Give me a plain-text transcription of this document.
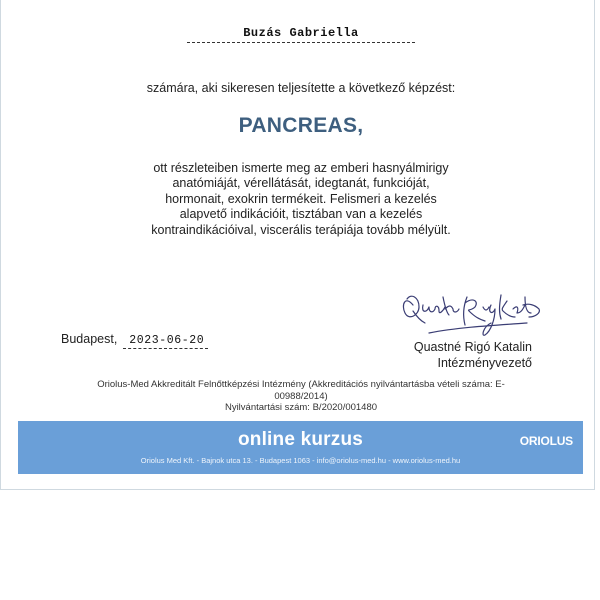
Buzás Gabriella
számára, aki sikeresen teljesítette a következő képzést:
PANCREAS,
ott részleteiben ismerte meg az emberi hasnyálmirigy anatómiáját, vérellátását, idegtanát, funkcióját, hormonait, exokrin termékeit. Felismeri a kezelés alapvető indikációit, tisztában van a kezelés kontraindikációival, viscerális terápiája tovább mélyült.
Budapest,	2023-06-20	Quastné Rigó Katalin
Intézményvezető
Oriolus-Med Akkreditált Felnőttképzési Intézmény (Akkreditációs nyilvántartásba vételi száma: E-00988/2014)
Nyilvántartási szám: B/2020/001480
online kurzus	ORIOLUS
Oriolus Med Kft. - Bajnok utca 13. - Budapest 1063 - info@oriolus-med.hu - www.oriolus-med.hu
